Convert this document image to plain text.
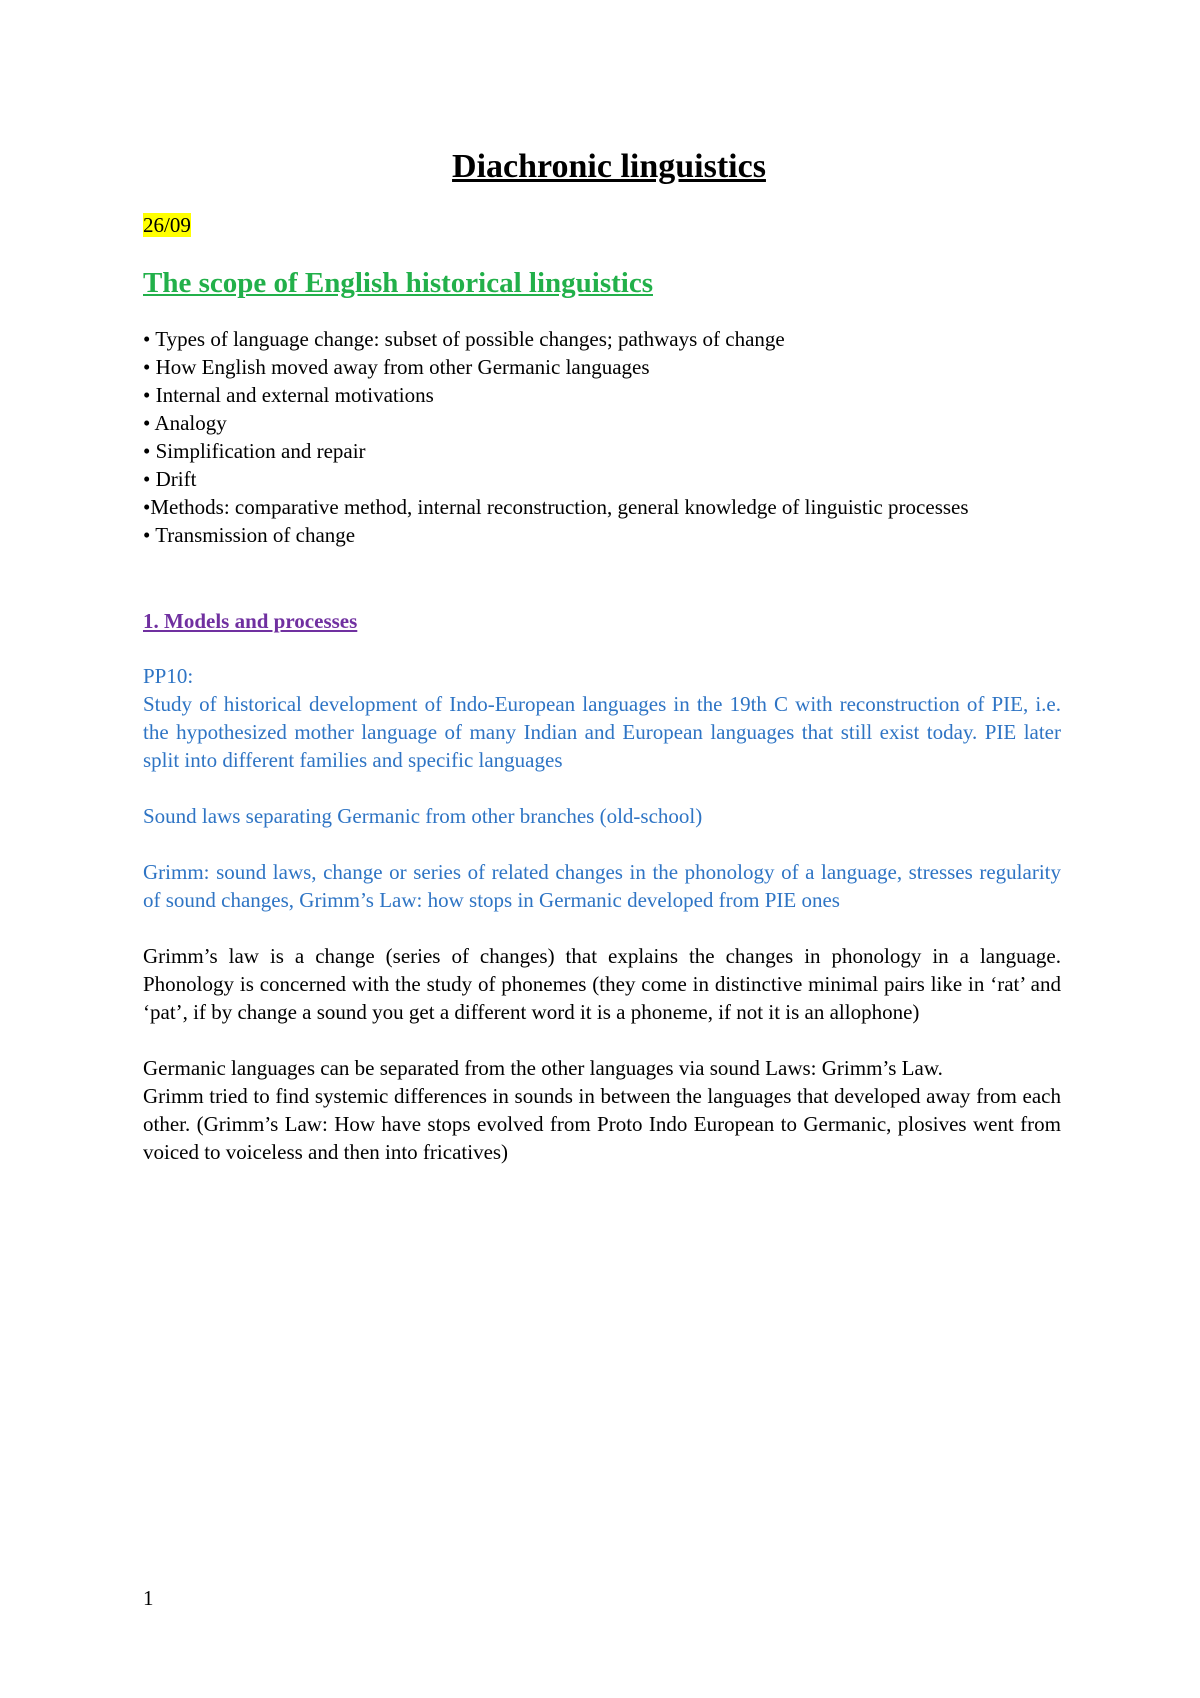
Diachronic linguistics
26/09
The scope of English historical linguistics
• Types of language change: subset of possible changes; pathways of change
• How English moved away from other Germanic languages
• Internal and external motivations
• Analogy
• Simplification and repair
• Drift
•Methods: comparative method, internal reconstruction, general knowledge of linguistic processes
• Transmission of change
1. Models and processes
PP10:

Study of historical development of Indo-European languages in the 19th C with reconstruction of PIE, i.e. the hypothesized mother language of many Indian and European languages that still exist today. PIE later split into different families and specific languages

Sound laws separating Germanic from other branches (old-school)

Grimm: sound laws, change or series of related changes in the phonology of a language, stresses regularity of sound changes, Grimm’s Law: how stops in Germanic developed from PIE ones

Grimm’s law is a change (series of changes) that explains the changes in phonology in a language. Phonology is concerned with the study of phonemes (they come in distinctive minimal pairs like in ‘rat’ and ‘pat’, if by change a sound you get a different word it is a phoneme, if not it is an allophone)

Germanic languages can be separated from the other languages via sound Laws: Grimm’s Law.

Grimm tried to find systemic differences in sounds in between the languages that developed away from each other. (Grimm’s Law: How have stops evolved from Proto Indo European to Germanic, plosives went from voiced to voiceless and then into fricatives)

1
